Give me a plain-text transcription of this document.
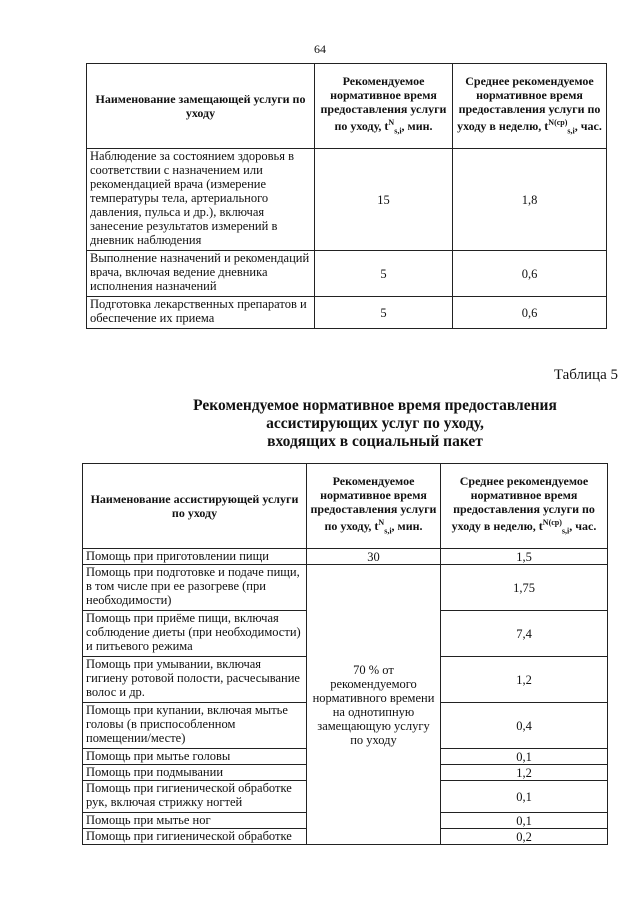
64
Наименование замещающей услуги по уходу	Рекомендуемое нормативное время предоставления услуги по уходу, $t^N_{s,i}$, мин.	Среднее рекомендуемое нормативное время предоставления услуги по уходу в неделю, $t^{N(ср)}_{s,i}$, час.
Наблюдение за состоянием здоровья в соответствии с назначением или рекомендацией врача (измерение температуры тела, артериального давления, пульса и др.), включая занесение результатов измерений в дневник наблюдения	15	1,8
Выполнение назначений и рекомендаций врача, включая ведение дневника исполнения назначений	5	0,6
Подготовка лекарственных препаратов и обеспечение их приема	5	0,6
Таблица 5
Рекомендуемое нормативное время предоставления
ассистирующих услуг по уходу,
входящих в социальный пакет
Наименование ассистирующей услуги по уходу	Рекомендуемое нормативное время предоставления услуги по уходу, $t^N_{s,i}$, мин.	Среднее рекомендуемое нормативное время предоставления услуги по уходу в неделю, $t^{N(ср)}_{s,i}$, час.
Помощь при приготовлении пищи	30	1,5
Помощь при подготовке и подаче пищи, в том числе при ее разогреве (при необходимости)	70 % от рекомендуемого нормативного времени на однотипную замещающую услугу по уходу	1,75
Помощь при приёме пищи, включая соблюдение диеты (при необходимости) и питьевого режима		7,4
Помощь при умывании, включая гигиену ротовой полости, расчесывание волос и др.		1,2
Помощь при купании, включая мытье головы (в приспособленном помещении/месте)		0,4
Помощь при мытье головы		0,1
Помощь при подмывании		1,2
Помощь при гигиенической обработке рук, включая стрижку ногтей		0,1
Помощь при мытье ног		0,1
Помощь при гигиенической обработке		0,2
